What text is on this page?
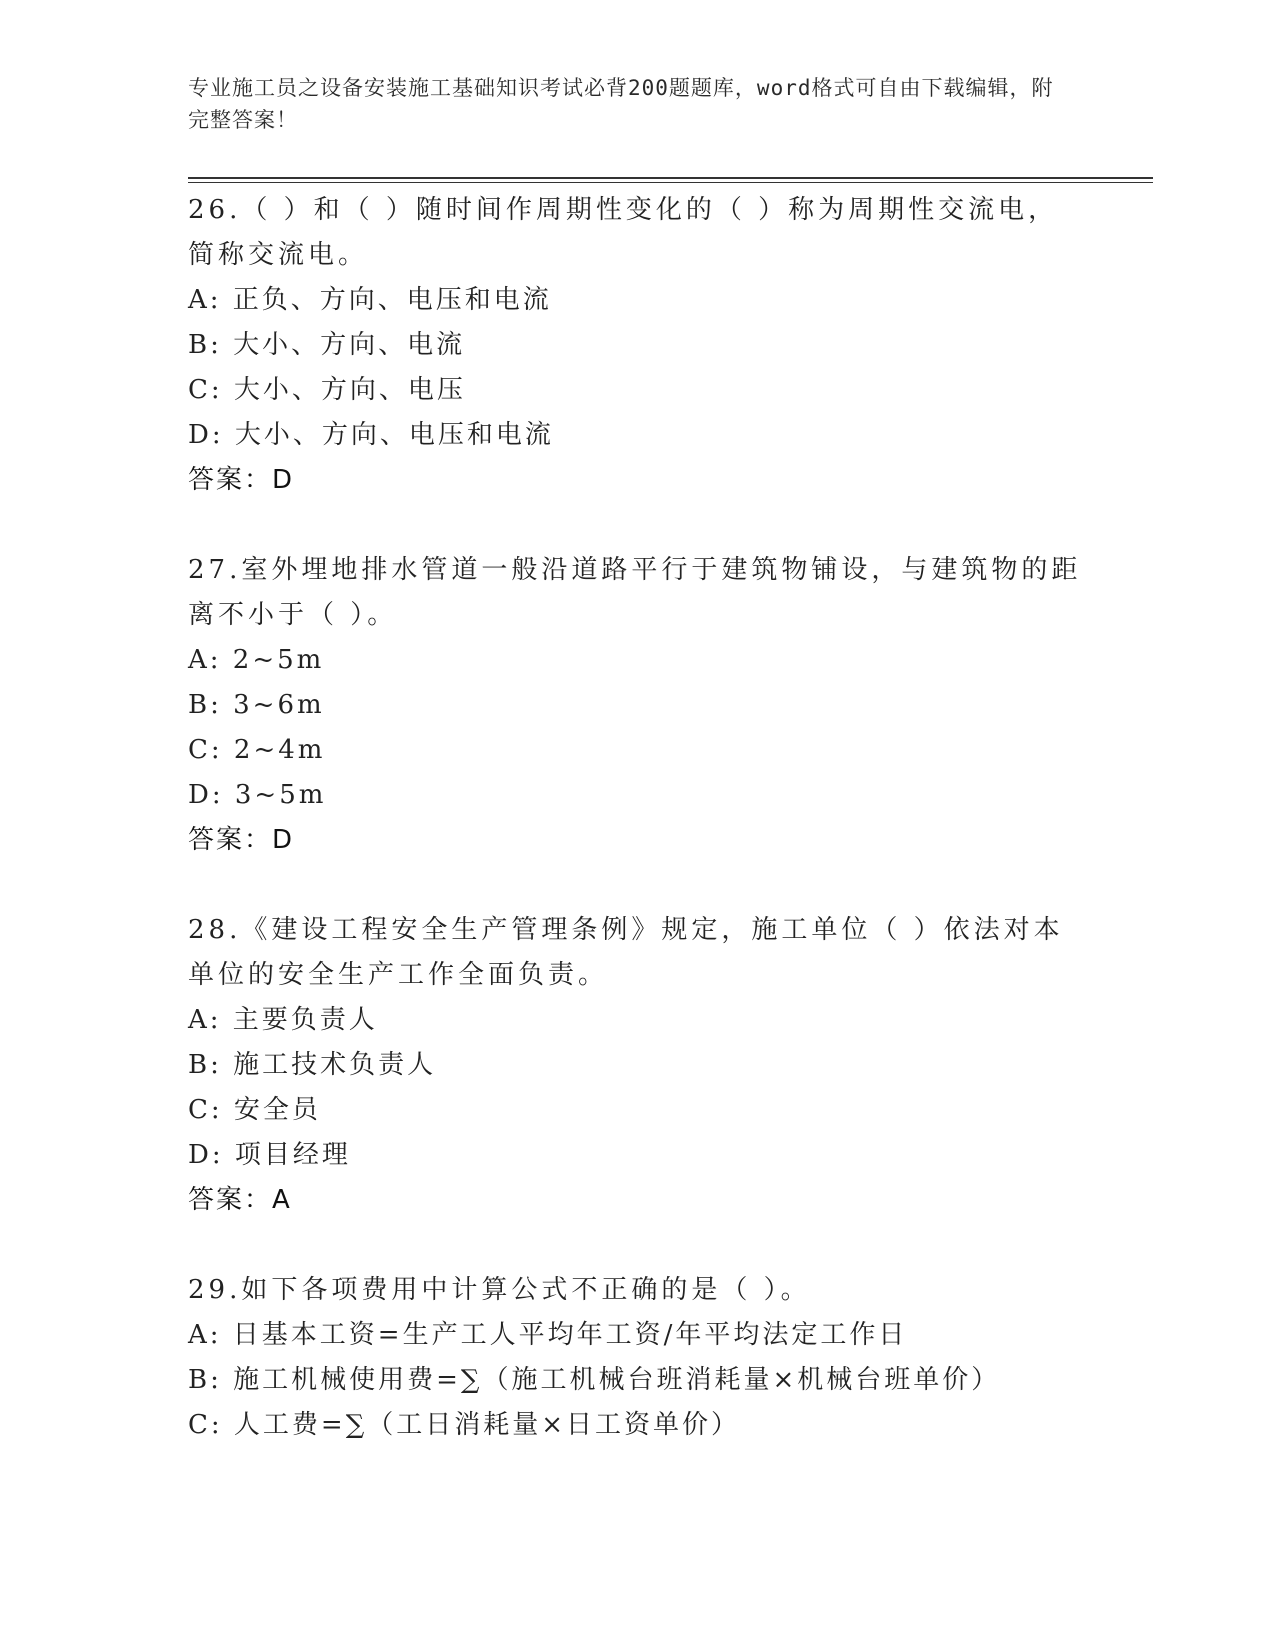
专业施工员之设备安装施工基础知识考试必背200题题库，word格式可自由下载编辑，附完整答案！
26.（ ）和（ ）随时间作周期性变化的（ ）称为周期性交流电，简称交流电。
A: 正负、方向、电压和电流
B: 大小、方向、电流
C: 大小、方向、电压
D: 大小、方向、电压和电流
答案：D
27.室外埋地排水管道一般沿道路平行于建筑物铺设，与建筑物的距离不小于（ ）。
A: 2~5m
B: 3~6m
C: 2~4m
D: 3~5m
答案：D
28.《建设工程安全生产管理条例》规定，施工单位（ ）依法对本单位的安全生产工作全面负责。
A: 主要负责人
B: 施工技术负责人
C: 安全员
D: 项目经理
答案：A
29.如下各项费用中计算公式不正确的是（ ）。
A: 日基本工资=生产工人平均年工资/年平均法定工作日
B: 施工机械使用费=∑（施工机械台班消耗量×机械台班单价）
C: 人工费=∑（工日消耗量×日工资单价）
